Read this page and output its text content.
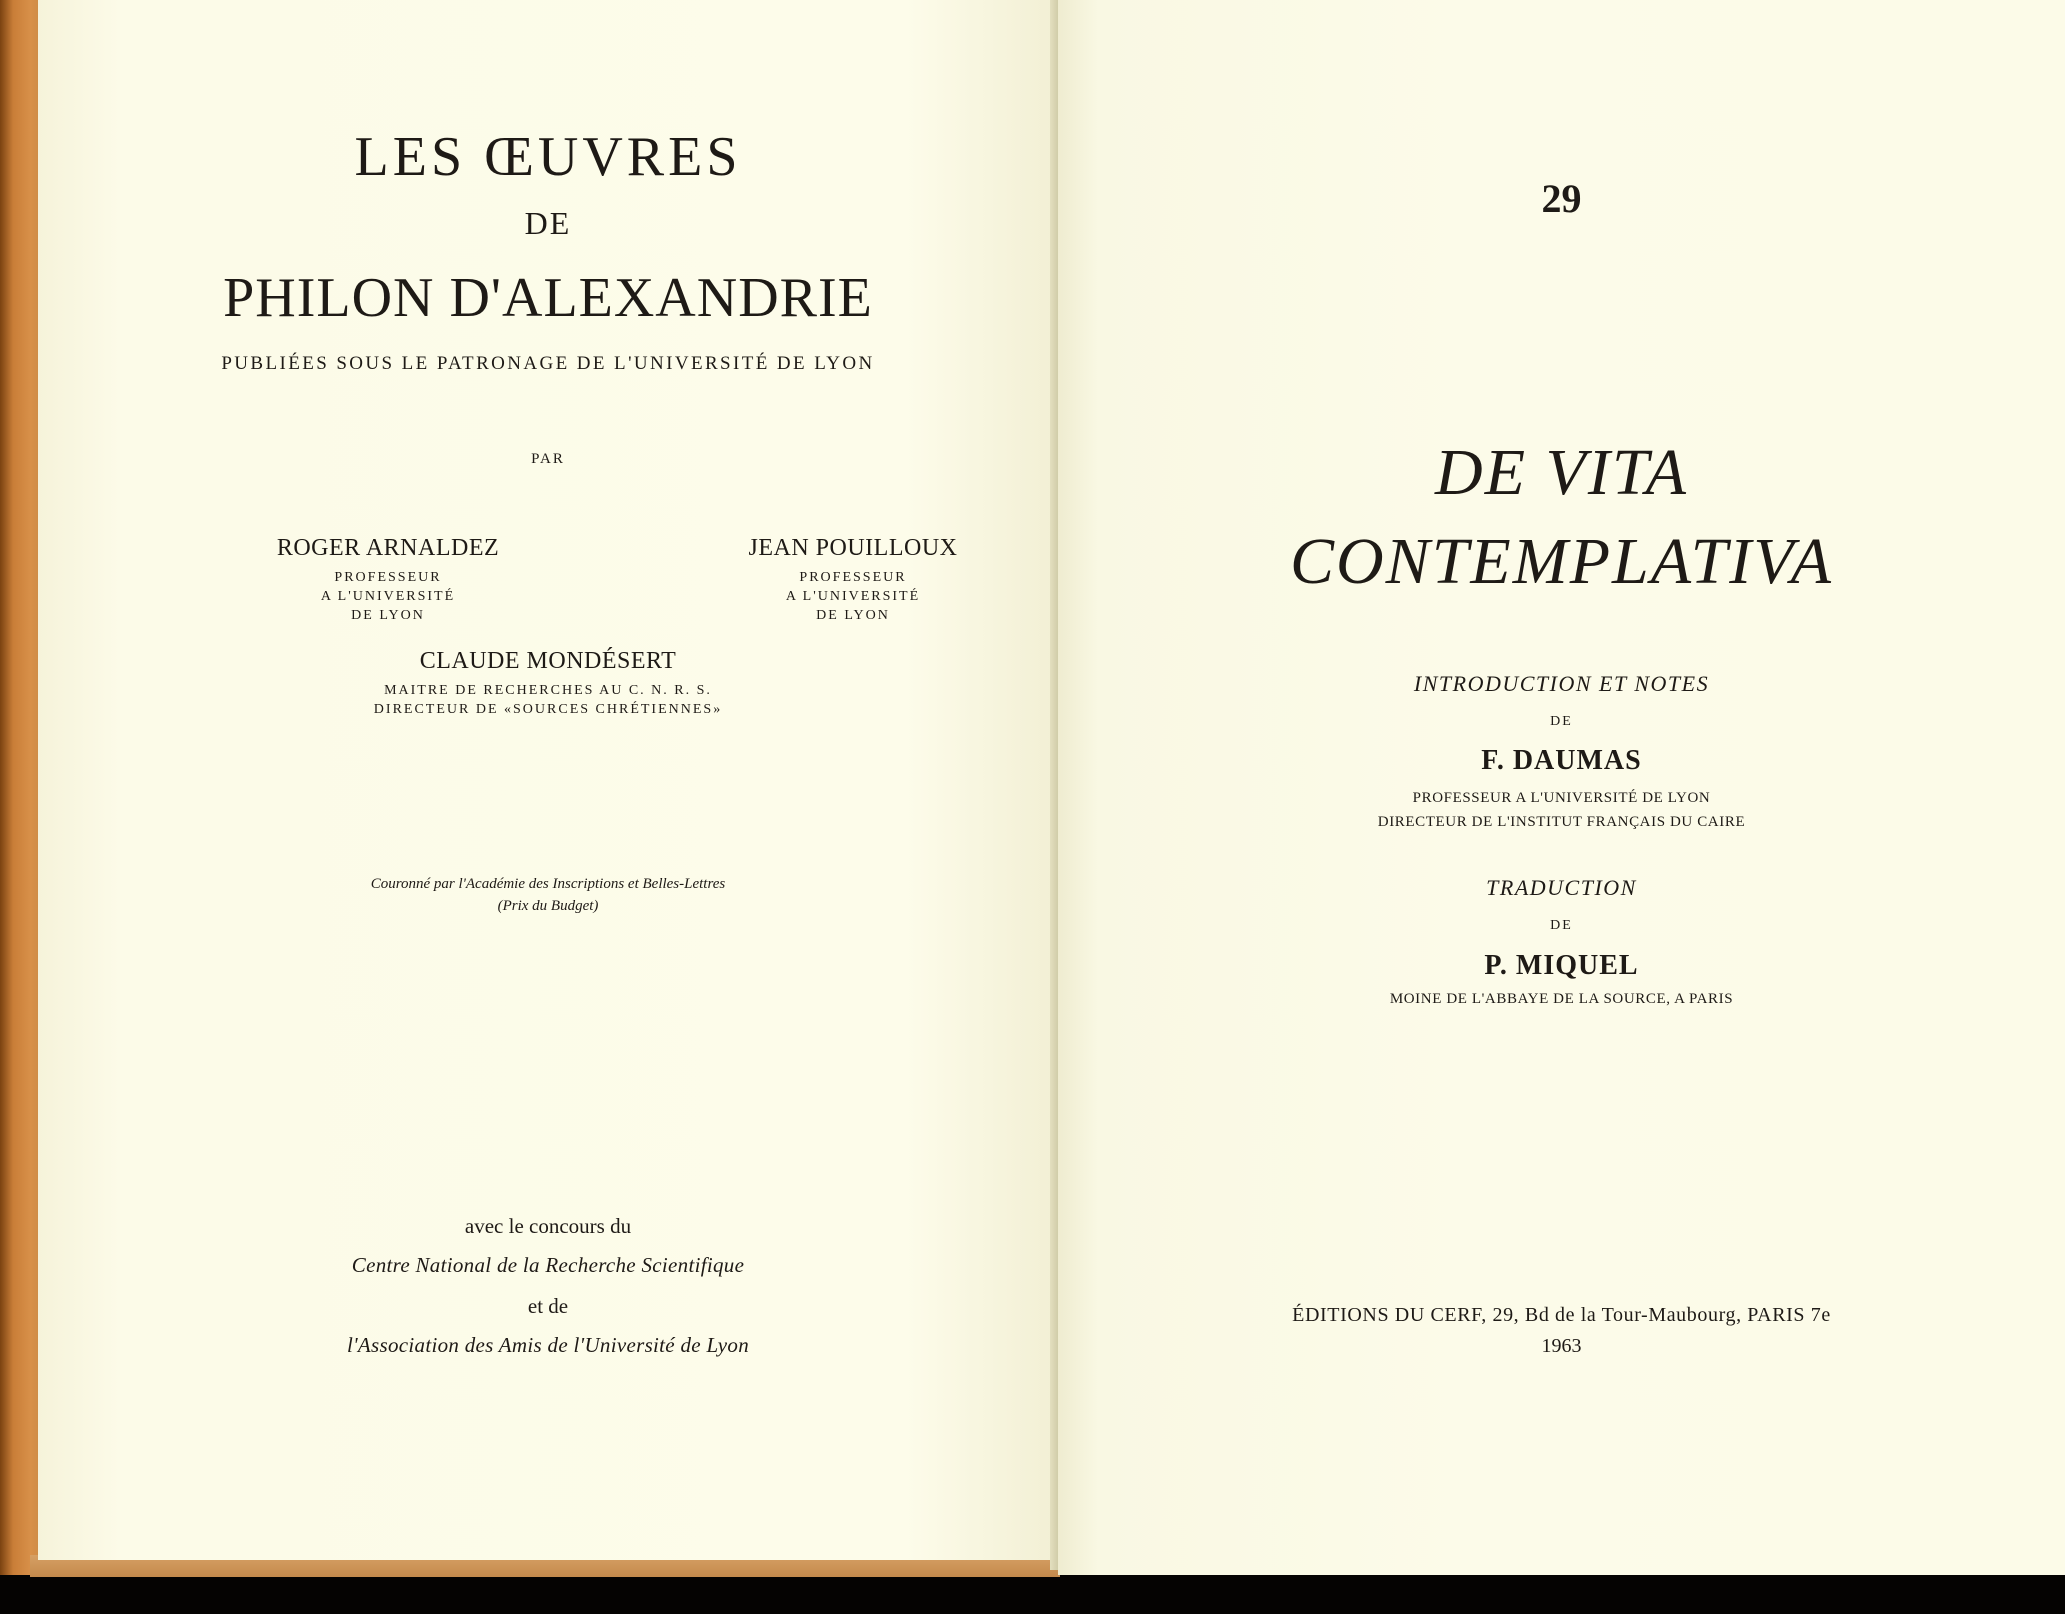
LES ŒUVRES

DE

PHILON D'ALEXANDRIE

PUBLIÉES SOUS LE PATRONAGE DE L'UNIVERSITÉ DE LYON

PAR

ROGER ARNALDEZ

PROFESSEUR
A L'UNIVERSITÉ
DE LYON

JEAN POUILLOUX

PROFESSEUR
A L'UNIVERSITÉ
DE LYON

CLAUDE MONDÉSERT

MAITRE DE RECHERCHES AU C. N. R. S.
DIRECTEUR DE «SOURCES CHRÉTIENNES»

Couronné par l'Académie des Inscriptions et Belles-Lettres
(Prix du Budget)

avec le concours du

Centre National de la Recherche Scientifique

et de

l'Association des Amis de l'Université de Lyon

29

DE VITA

CONTEMPLATIVA

INTRODUCTION ET NOTES

DE

F. DAUMAS

PROFESSEUR A L'UNIVERSITÉ DE LYON
DIRECTEUR DE L'INSTITUT FRANÇAIS DU CAIRE

TRADUCTION

DE

P. MIQUEL

MOINE DE L'ABBAYE DE LA SOURCE, A PARIS

ÉDITIONS DU CERF, 29, Bd de la Tour-Maubourg, PARIS 7e

1963
